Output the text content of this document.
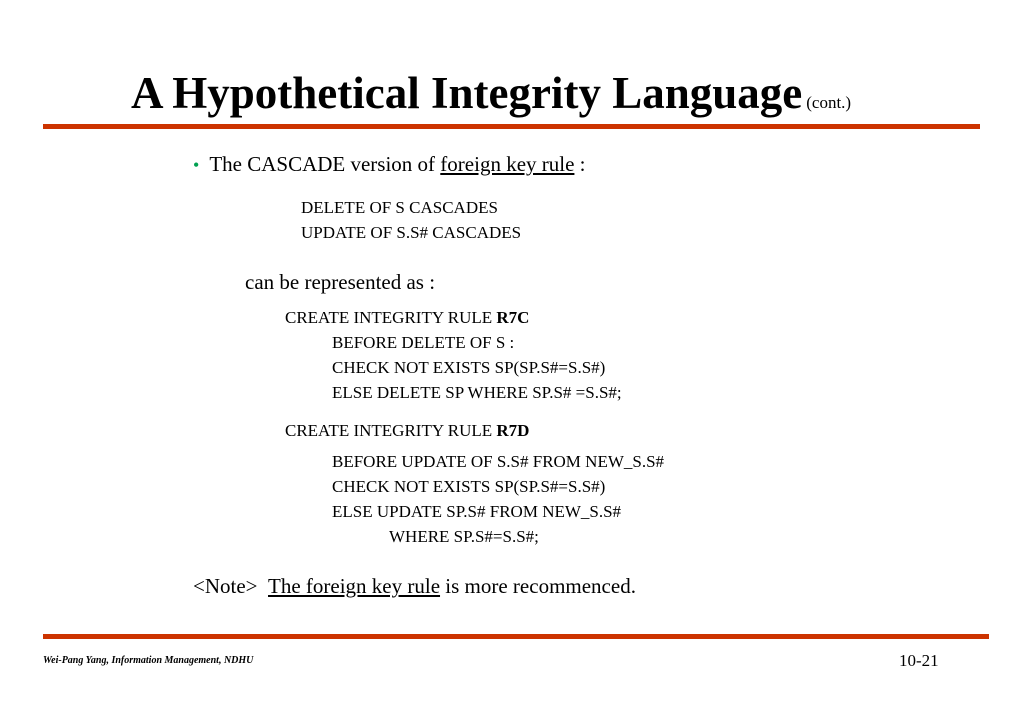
A Hypothetical Integrity Language (cont.)
• The CASCADE version of foreign key rule :
DELETE OF S CASCADES
UPDATE OF S.S# CASCADES
can be represented as :
CREATE INTEGRITY RULE R7C
BEFORE DELETE OF S :
CHECK NOT EXISTS SP(SP.S#=S.S#)
ELSE DELETE SP WHERE SP.S# =S.S#;
CREATE INTEGRITY RULE R7D
BEFORE UPDATE OF S.S# FROM NEW_S.S#
CHECK NOT EXISTS SP(SP.S#=S.S#)
ELSE UPDATE SP.S# FROM NEW_S.S#
WHERE SP.S#=S.S#;
<Note> The foreign key rule is more recommenced.
Wei-Pang Yang, Information Management, NDHU	10-21
